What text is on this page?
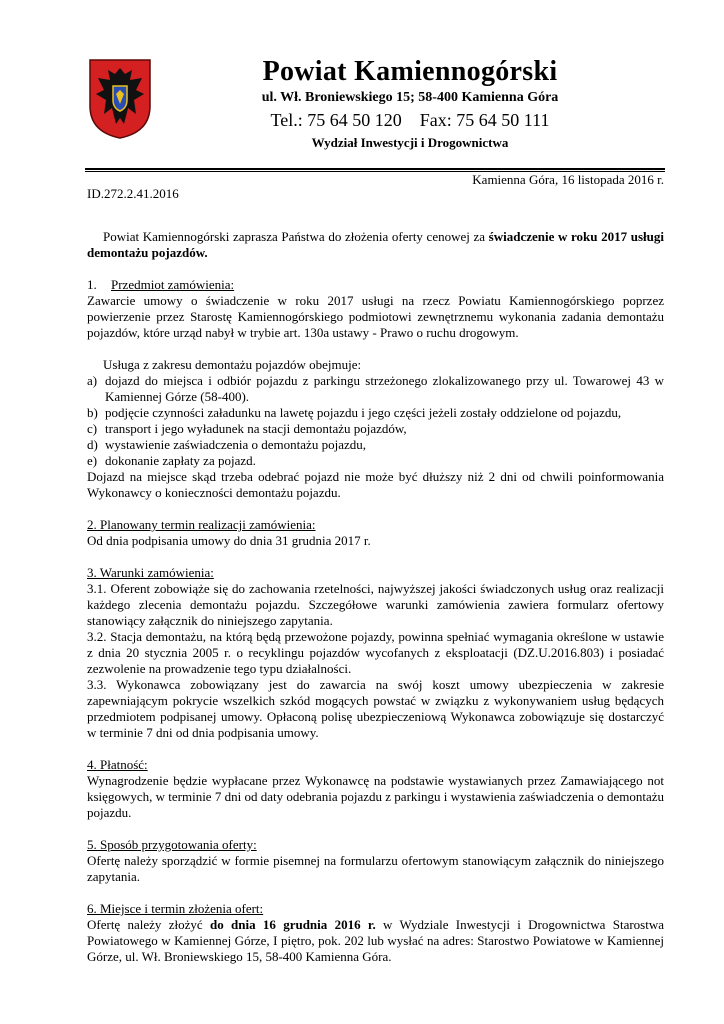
Powiat Kamiennogórski
ul. Wł. Broniewskiego 15; 58-400 Kamienna Góra
Tel.: 75 64 50 120    Fax: 75 64 50 111
Wydział Inwestycji i Drogownictwa
Kamienna Góra, 16 listopada 2016 r.
ID.272.2.41.2016

Powiat Kamiennogórski zaprasza Państwa do złożenia oferty cenowej za świadczenie w roku 2017 usługi demontażu pojazdów.

1. Przedmiot zamówienia:

Zawarcie umowy o świadczenie w roku 2017 usługi na rzecz Powiatu Kamiennogórskiego poprzez powierzenie przez Starostę Kamiennogórskiego podmiotowi zewnętrznemu wykonania zadania demontażu pojazdów, które urząd nabył w trybie art. 130a ustawy - Prawo o ruchu drogowym.

Usługa z zakresu demontażu pojazdów obejmuje:

a) dojazd do miejsca i odbiór pojazdu z parkingu strzeżonego zlokalizowanego przy ul. Towarowej 43 w Kamiennej Górze (58-400).

b) podjęcie czynności załadunku na lawetę pojazdu i jego części jeżeli zostały oddzielone od pojazdu,

c) transport i jego wyładunek na stacji demontażu pojazdów,

d) wystawienie zaświadczenia o demontażu pojazdu,

e) dokonanie zapłaty za pojazd.

Dojazd na miejsce skąd trzeba odebrać pojazd nie może być dłuższy niż 2 dni od chwili poinformowania Wykonawcy o konieczności demontażu pojazdu.

2. Planowany termin realizacji zamówienia:

Od dnia podpisania umowy do dnia 31 grudnia 2017 r.

3. Warunki zamówienia:

3.1. Oferent zobowiąże się do zachowania rzetelności, najwyższej jakości świadczonych usług oraz realizacji każdego zlecenia demontażu pojazdu. Szczegółowe warunki zamówienia zawiera formularz ofertowy stanowiący załącznik do niniejszego zapytania.

3.2. Stacja demontażu, na którą będą przewożone pojazdy, powinna spełniać wymagania określone w ustawie z dnia 20 stycznia 2005 r. o recyklingu pojazdów wycofanych z eksploatacji (DZ.U.2016.803) i posiadać zezwolenie na prowadzenie tego typu działalności.

3.3. Wykonawca zobowiązany jest do zawarcia na swój koszt umowy ubezpieczenia w zakresie zapewniającym pokrycie wszelkich szkód mogących powstać w związku z wykonywaniem usług będących przedmiotem podpisanej umowy. Opłaconą polisę ubezpieczeniową Wykonawca zobowiązuje się dostarczyć w terminie 7 dni od dnia podpisania umowy.

4. Płatność:

Wynagrodzenie będzie wypłacane przez Wykonawcę na podstawie wystawianych przez Zamawiającego not księgowych, w terminie 7 dni od daty odebrania pojazdu z parkingu i wystawienia zaświadczenia o demontażu pojazdu.

5. Sposób przygotowania oferty:

Ofertę należy sporządzić w formie pisemnej na formularzu ofertowym stanowiącym załącznik do niniejszego zapytania.

6. Miejsce i termin złożenia ofert:

Ofertę należy złożyć do dnia 16 grudnia 2016 r. w Wydziale Inwestycji i Drogownictwa Starostwa Powiatowego w Kamiennej Górze, I piętro, pok. 202 lub wysłać na adres: Starostwo Powiatowe w Kamiennej Górze, ul. Wł. Broniewskiego 15, 58-400 Kamienna Góra.
